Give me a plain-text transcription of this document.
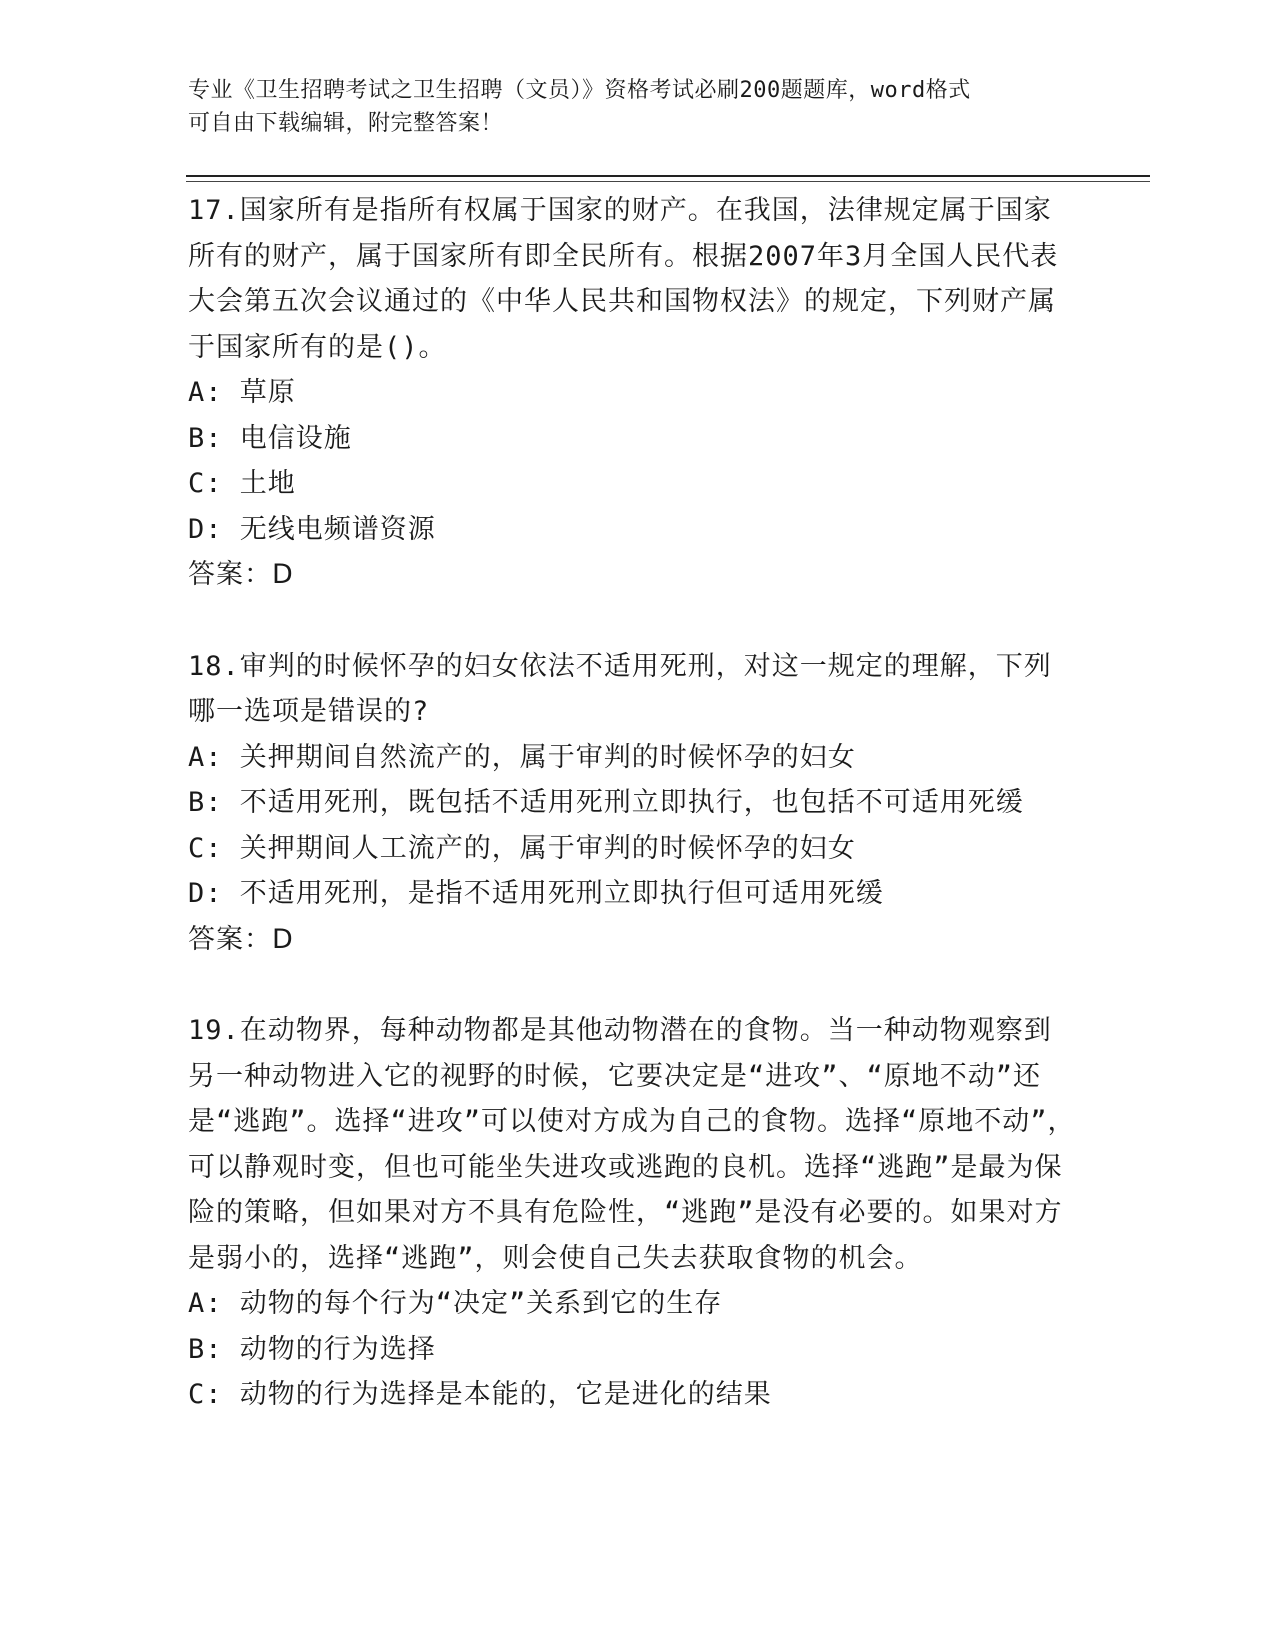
专业《卫生招聘考试之卫生招聘（文员）》资格考试必刷200题题库，word格式
可自由下载编辑，附完整答案！

17.国家所有是指所有权属于国家的财产。在我国，法律规定属于国家所有的财产，属于国家所有即全民所有。根据2007年3月全国人民代表大会第五次会议通过的《中华人民共和国物权法》的规定，下列财产属于国家所有的是()。

A: 草原

B: 电信设施

C: 土地

D: 无线电频谱资源

答案：D

18.审判的时候怀孕的妇女依法不适用死刑，对这一规定的理解，下列哪一选项是错误的?

A: 关押期间自然流产的，属于审判的时候怀孕的妇女

B: 不适用死刑，既包括不适用死刑立即执行，也包括不可适用死缓

C: 关押期间人工流产的，属于审判的时候怀孕的妇女

D: 不适用死刑，是指不适用死刑立即执行但可适用死缓

答案：D

19.在动物界，每种动物都是其他动物潜在的食物。当一种动物观察到另一种动物进入它的视野的时候，它要决定是“进攻”、“原地不动”还是“逃跑”。选择“进攻”可以使对方成为自己的食物。选择“原地不动”，可以静观时变，但也可能坐失进攻或逃跑的良机。选择“逃跑”是最为保险的策略，但如果对方不具有危险性，“逃跑”是没有必要的。如果对方是弱小的，选择“逃跑”，则会使自己失去获取食物的机会。

A: 动物的每个行为“决定”关系到它的生存

B: 动物的行为选择

C: 动物的行为选择是本能的，它是进化的结果
